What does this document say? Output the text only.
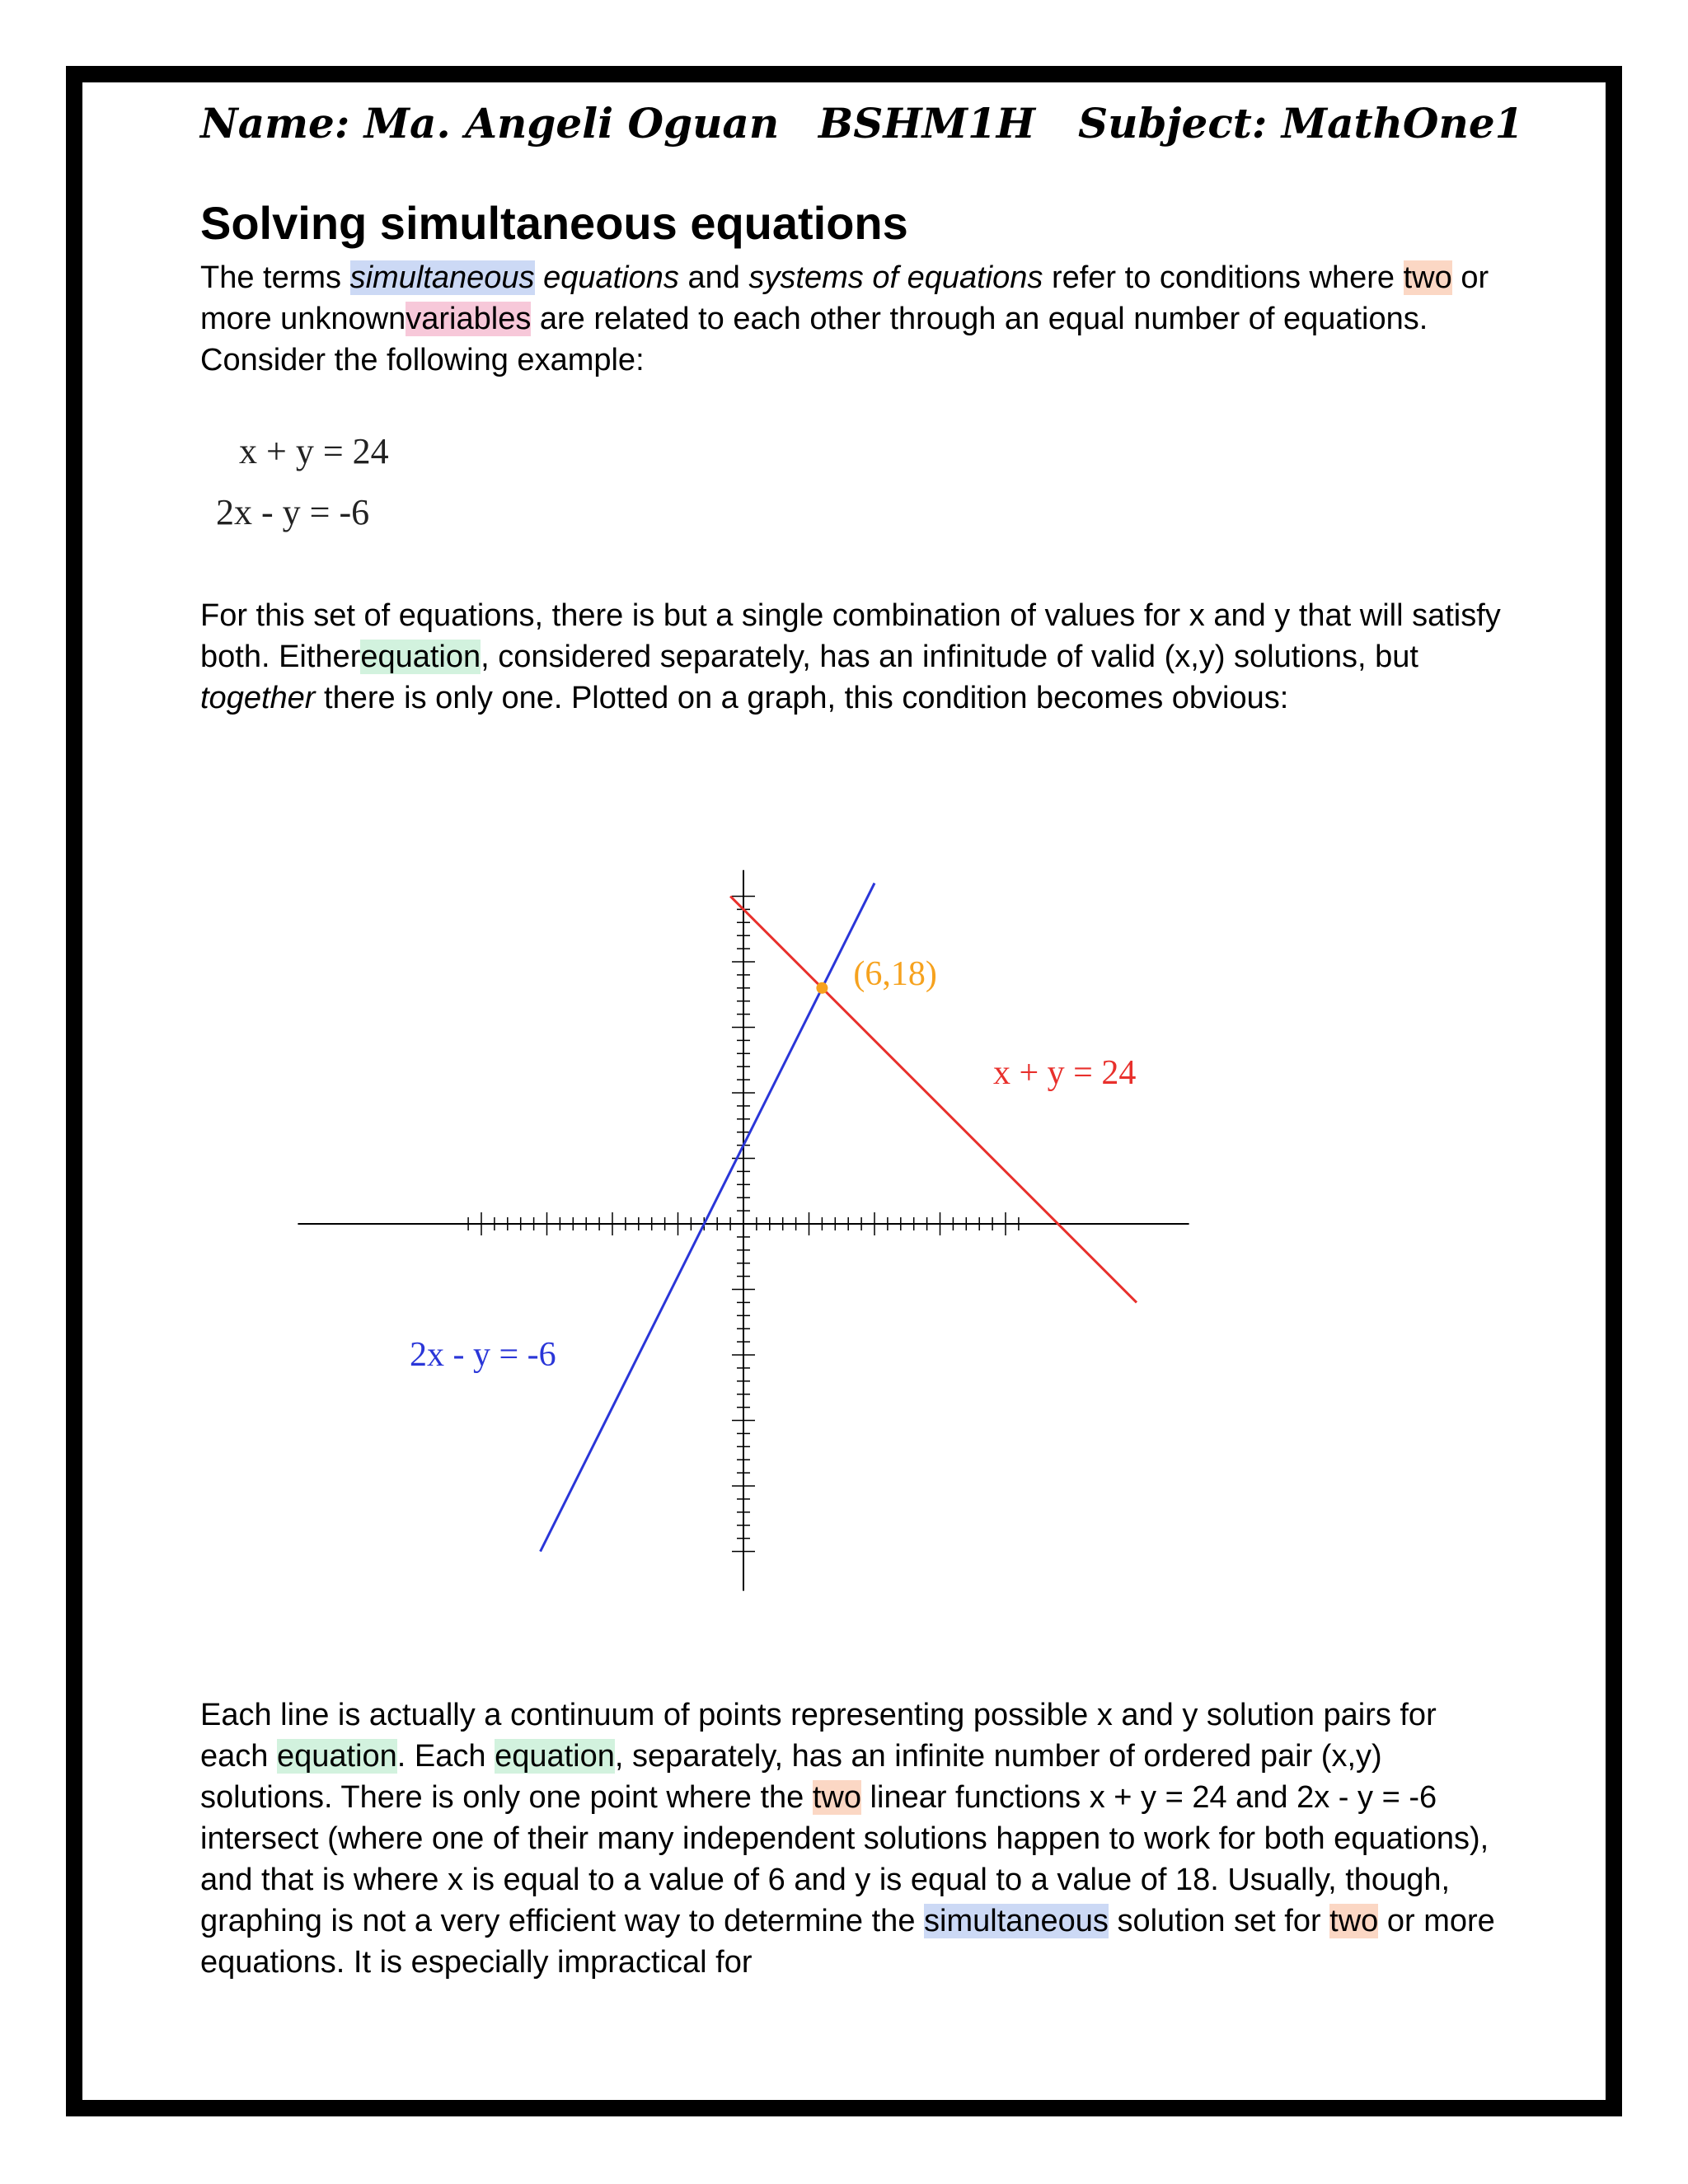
Name: Ma. Angeli Oguan BSHM1H Subject: MathOne1
Solving simultaneous equations

The terms simultaneous equations and systems of equations refer to conditions where two or more unknownvariables are related to each other through an equal number of equations. Consider the following example:

x + y = 24
2x - y = -6

For this set of equations, there is but a single combination of values for x and y that will satisfy both. Eitherequation, considered separately, has an infinitude of valid (x,y) solutions, but together there is only one. Plotted on a graph, this condition becomes obvious:

x + y = 24
2x - y = -6
(6,18)

Each line is actually a continuum of points representing possible x and y solution pairs for each equation. Each equation, separately, has an infinite number of ordered pair (x,y) solutions. There is only one point where the two linear functions x + y = 24 and 2x - y = -6 intersect (where one of their many independent solutions happen to work for both equations), and that is where x is equal to a value of 6 and y is equal to a value of 18. Usually, though, graphing is not a very efficient way to determine the simultaneous solution set for two or more equations. It is especially impractical for
